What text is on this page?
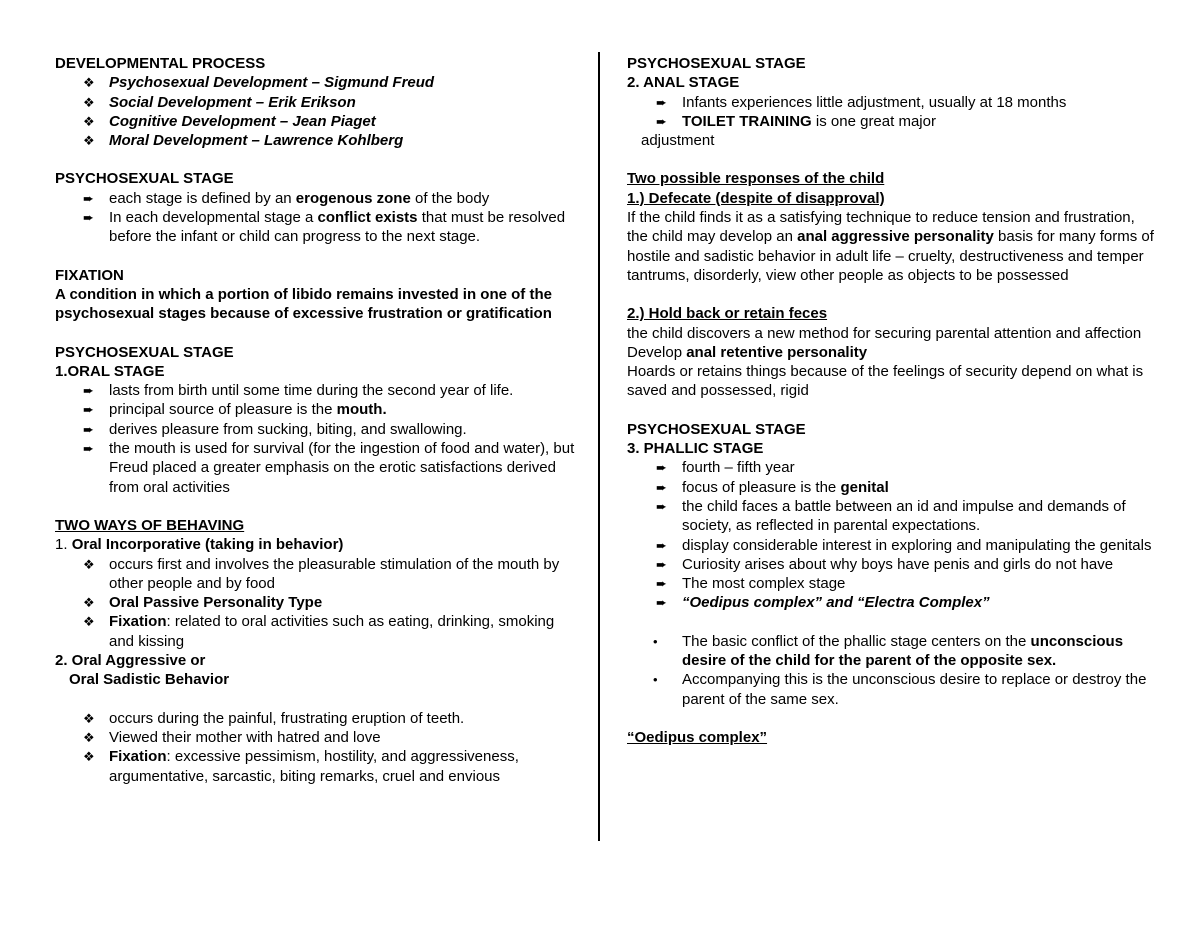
DEVELOPMENTAL PROCESS
❖ Psychosexual Development – Sigmund Freud
❖ Social Development – Erik Erikson
❖ Cognitive Development – Jean Piaget
❖ Moral Development – Lawrence Kohlberg
PSYCHOSEXUAL STAGE
➨ each stage is defined by an erogenous zone of the body
➨ In each developmental stage a conflict exists that must be resolved before the infant or child can progress to the next stage.
FIXATION
A condition in which a portion of libido remains invested in one of the psychosexual stages because of excessive frustration or gratification
PSYCHOSEXUAL STAGE
1.ORAL STAGE
➨ lasts from birth until some time during the second year of life.
➨ principal source of pleasure is the mouth.
➨ derives pleasure from sucking, biting, and swallowing.
➨ the mouth is used for survival (for the ingestion of food and water), but Freud placed a greater emphasis on the erotic satisfactions derived from oral activities
TWO WAYS OF BEHAVING
1. Oral Incorporative (taking in behavior)
❖ occurs first and involves the pleasurable stimulation of the mouth by other people and by food
❖ Oral Passive Personality Type
❖ Fixation: related to oral activities such as eating, drinking, smoking and kissing
2. Oral Aggressive or
Oral Sadistic Behavior
❖ occurs during the painful, frustrating eruption of teeth.
❖ Viewed their mother with hatred and love
❖ Fixation: excessive pessimism, hostility, and aggressiveness, argumentative, sarcastic, biting remarks, cruel and envious
PSYCHOSEXUAL STAGE
2. ANAL STAGE
➨ Infants experiences little adjustment, usually at 18 months
➨ TOILET TRAINING is one great major
adjustment
Two possible responses of the child
1.) Defecate (despite of disapproval)
If the child finds it as a satisfying technique to reduce tension and frustration, the child may develop an anal aggressive personality basis for many forms of hostile and sadistic behavior in adult life – cruelty, destructiveness and temper tantrums, disorderly, view other people as objects to be possessed
2.) Hold back or retain feces
the child discovers a new method for securing parental attention and affection
Develop anal retentive personality
Hoards or retains things because of the feelings of security depend on what is saved and possessed, rigid
PSYCHOSEXUAL STAGE
3. PHALLIC STAGE
➨ fourth – fifth year
➨ focus of pleasure is the genital
➨ the child faces a battle between an id and impulse and demands of society, as reflected in parental expectations.
➨ display considerable interest in exploring and manipulating the genitals
➨ Curiosity arises about why boys have penis and girls do not have
➨ The most complex stage
➨ “Oedipus complex” and “Electra Complex”
• The basic conflict of the phallic stage centers on the unconscious desire of the child for the parent of the opposite sex.
• Accompanying this is the unconscious desire to replace or destroy the parent of the same sex.
“Oedipus complex”
